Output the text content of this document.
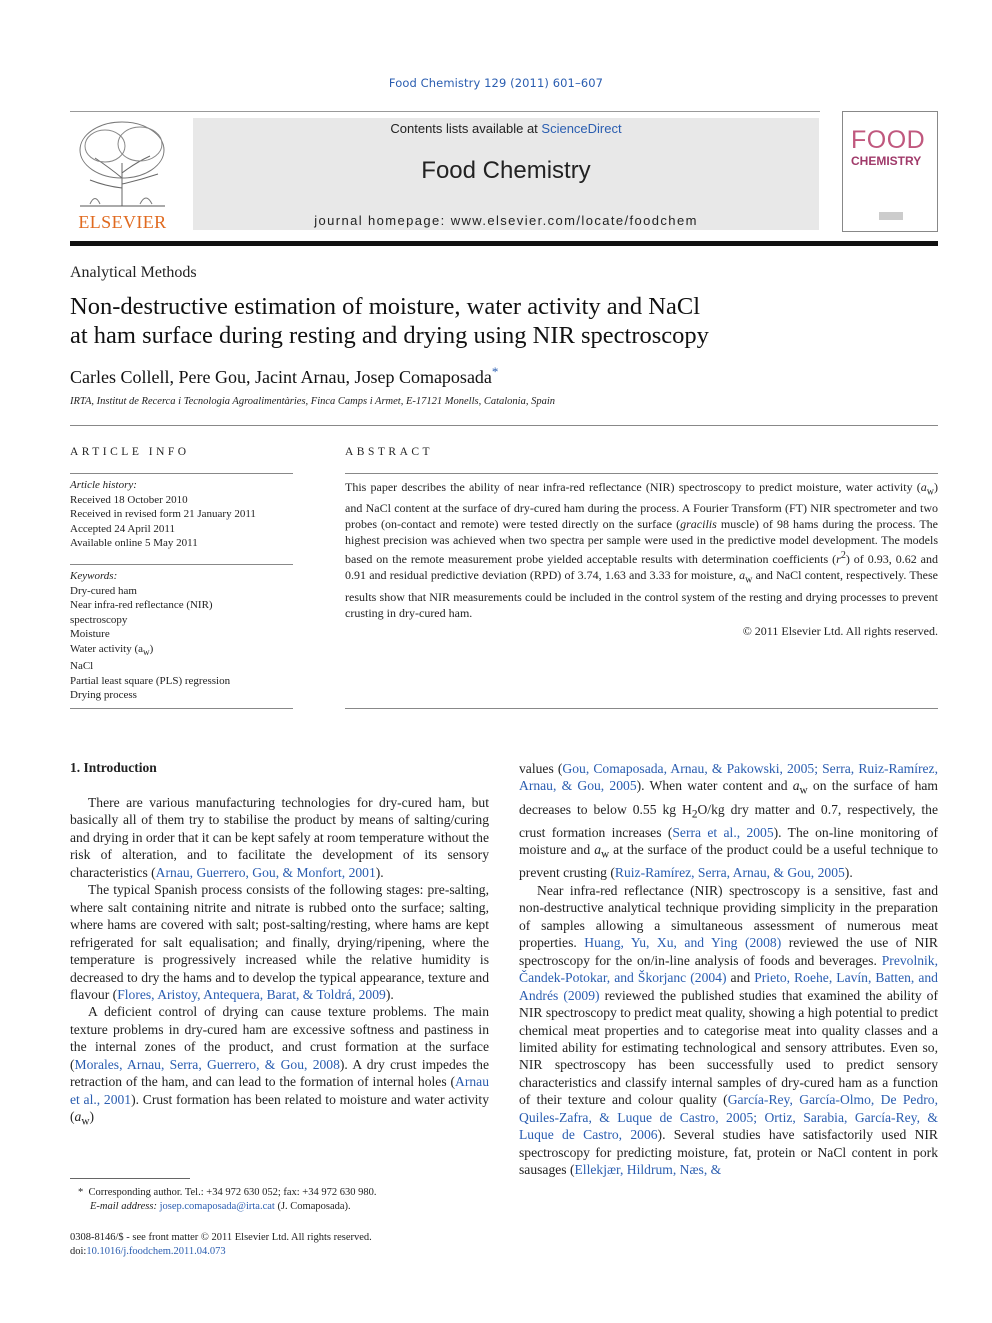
Food Chemistry 129 (2011) 601–607
ELSEVIER
Contents lists available at ScienceDirect
Food Chemistry
journal homepage: www.elsevier.com/locate/foodchem
FOOD
CHEMISTRY
Analytical Methods
Non-destructive estimation of moisture, water activity and NaCl
at ham surface during resting and drying using NIR spectroscopy
Carles Collell, Pere Gou, Jacint Arnau, Josep Comaposada*
IRTA, Institut de Recerca i Tecnologia Agroalimentàries, Finca Camps i Armet, E-17121 Monells, Catalonia, Spain
ARTICLE INFO
Article history:
Received 18 October 2010
Received in revised form 21 January 2011
Accepted 24 April 2011
Available online 5 May 2011
Keywords:
Dry-cured ham
Near infra-red reflectance (NIR)
spectroscopy
Moisture
Water activity $(a_w)$
NaCl
Partial least square (PLS) regression
Drying process
ABSTRACT
This paper describes the ability of near infra-red reflectance (NIR) spectroscopy to predict moisture, water activity $(a_w)$ and NaCl content at the surface of dry-cured ham during the process. A Fourier Transform (FT) NIR spectrometer and two probes (on-contact and remote) were tested directly on the surface (gracilis muscle) of 98 hams during the process. The highest precision was achieved when two spectra per sample were used in the predictive model development. The models based on the remote measurement probe yielded acceptable results with determination coefficients $(r^2)$ of 0.93, 0.62 and 0.91 and residual predictive deviation (RPD) of 3.74, 1.63 and 3.33 for moisture, $a_w$ and NaCl content, respectively. These results show that NIR measurements could be included in the control system of the resting and drying processes to prevent crusting in dry-cured ham.
© 2011 Elsevier Ltd. All rights reserved.
1. Introduction

There are various manufacturing technologies for dry-cured ham, but basically all of them try to stabilise the product by means of salting/curing and drying in order that it can be kept safely at room temperature without the risk of alteration, and to facilitate the development of its sensory characteristics (Arnau, Guerrero, Gou, & Monfort, 2001).

The typical Spanish process consists of the following stages: pre-salting, where salt containing nitrite and nitrate is rubbed onto the surface; salting, where hams are covered with salt; post-salting/resting, where hams are kept refrigerated for salt equalisation; and finally, drying/ripening, where the temperature is progressively increased while the relative humidity is decreased to dry the hams and to develop the typical appearance, texture and flavour (Flores, Aristoy, Antequera, Barat, & Toldrá, 2009).

A deficient control of drying can cause texture problems. The main texture problems in dry-cured ham are excessive softness and pastiness in the internal zones of the product, and crust formation at the surface (Morales, Arnau, Serra, Guerrero, & Gou, 2008). A dry crust impedes the retraction of the ham, and can lead to the formation of internal holes (Arnau et al., 2001). Crust formation has been related to moisture and water activity $(a_w)$

values (Gou, Comaposada, Arnau, & Pakowski, 2005; Serra, Ruiz-Ramírez, Arnau, & Gou, 2005). When water content and $a_w$ on the surface of ham decreases to below 0.55 kg $H_2O/kg$ dry matter and 0.7, respectively, the crust formation increases (Serra et al., 2005). The on-line monitoring of moisture and $a_w$ at the surface of the product could be a useful technique to prevent crusting (Ruiz-Ramírez, Serra, Arnau, & Gou, 2005).

Near infra-red reflectance (NIR) spectroscopy is a sensitive, fast and non-destructive analytical technique providing simplicity in the preparation of samples allowing a simultaneous assessment of numerous meat properties. Huang, Yu, Xu, and Ying (2008) reviewed the use of NIR spectroscopy for the on/in-line analysis of foods and beverages. Prevolnik, Čandek-Potokar, and Škorjanc (2004) and Prieto, Roehe, Lavín, Batten, and Andrés (2009) reviewed the published studies that examined the ability of NIR spectroscopy to predict meat quality, showing a high potential to predict chemical meat properties and to categorise meat into quality classes and a limited ability for estimating technological and sensory attributes. Even so, NIR spectroscopy has been successfully used to predict sensory characteristics and classify internal samples of dry-cured ham as a function of their texture and colour quality (García-Rey, García-Olmo, De Pedro, Quiles-Zafra, & Luque de Castro, 2005; Ortiz, Sarabia, García-Rey, & Luque de Castro, 2006). Several studies have satisfactorily used NIR spectroscopy for predicting moisture, fat, protein or NaCl content in pork sausages (Ellekjær, Hildrum, Næs, &

*  Corresponding author. Tel.: +34 972 630 052; fax: +34 972 630 980.
E-mail address: josep.comaposada@irta.cat (J. Comaposada).
0308-8146/$ - see front matter © 2011 Elsevier Ltd. All rights reserved.
doi:10.1016/j.foodchem.2011.04.073
